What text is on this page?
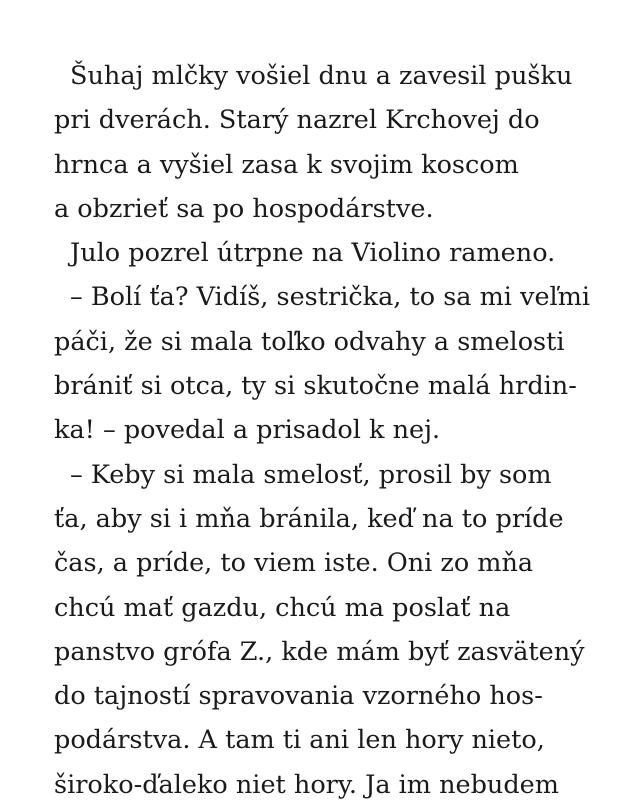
Šuhaj mlčky vošiel dnu a zavesil pušku
pri dverách. Starý nazrel Krchovej do
hrnca a vyšiel zasa k svojim koscom
a obzrieť sa po hospodárstve.
Julo pozrel útrpne na Violino rameno.
– Bolí ťa? Vidíš, sestrička, to sa mi veľmi
páči, že si mala toľko odvahy a smelosti
brániť si otca, ty si skutočne malá hrdin-
ka! – povedal a prisadol k nej.
– Keby si mala smelosť, prosil by som
ťa, aby si i mňa bránila, keď na to príde
čas, a príde, to viem iste. Oni zo mňa
chcú mať gazdu, chcú ma poslať na
panstvo grófa Z., kde mám byť zasvätený
do tajností spravovania vzorného hos-
podárstva. A tam ti ani len hory nieto,
široko-ďaleko niet hory. Ja im nebudem
